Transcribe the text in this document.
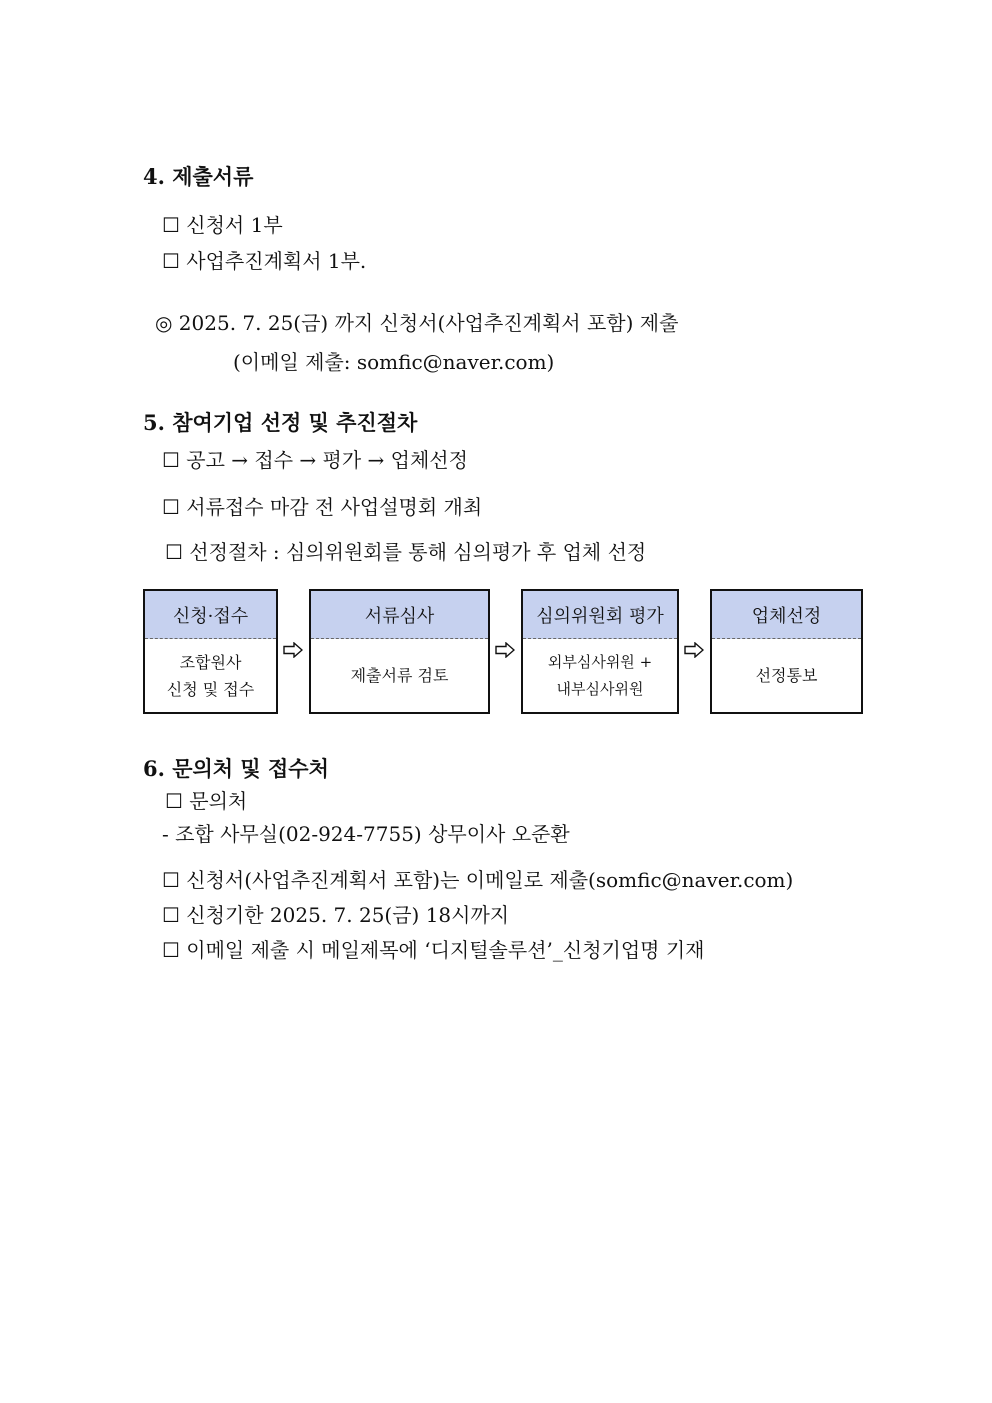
4. 제출서류
☐ 신청서 1부
☐ 사업추진계획서 1부.
◎ 2025. 7. 25(금) 까지 신청서(사업추진계획서 포함) 제출
(이메일 제출: somfic@naver.com)
5. 참여기업 선정 및 추진절차
☐ 공고 → 접수 → 평가 → 업체선정
☐ 서류접수 마감 전 사업설명회 개최
☐ 선정절차 : 심의위원회를 통해 심의평가 후 업체 선정
신청·접수
조합원사
신청 및 접수
서류심사
제출서류 검토
심의위원회 평가
외부심사위원 +
내부심사위원
업체선정
선정통보
6. 문의처 및 접수처
☐ 문의처
- 조합 사무실(02-924-7755) 상무이사 오준환
☐ 신청서(사업추진계획서 포함)는 이메일로 제출(somfic@naver.com)
☐ 신청기한 2025. 7. 25(금) 18시까지
☐ 이메일 제출 시 메일제목에 ‘디지털솔루션’_신청기업명 기재
